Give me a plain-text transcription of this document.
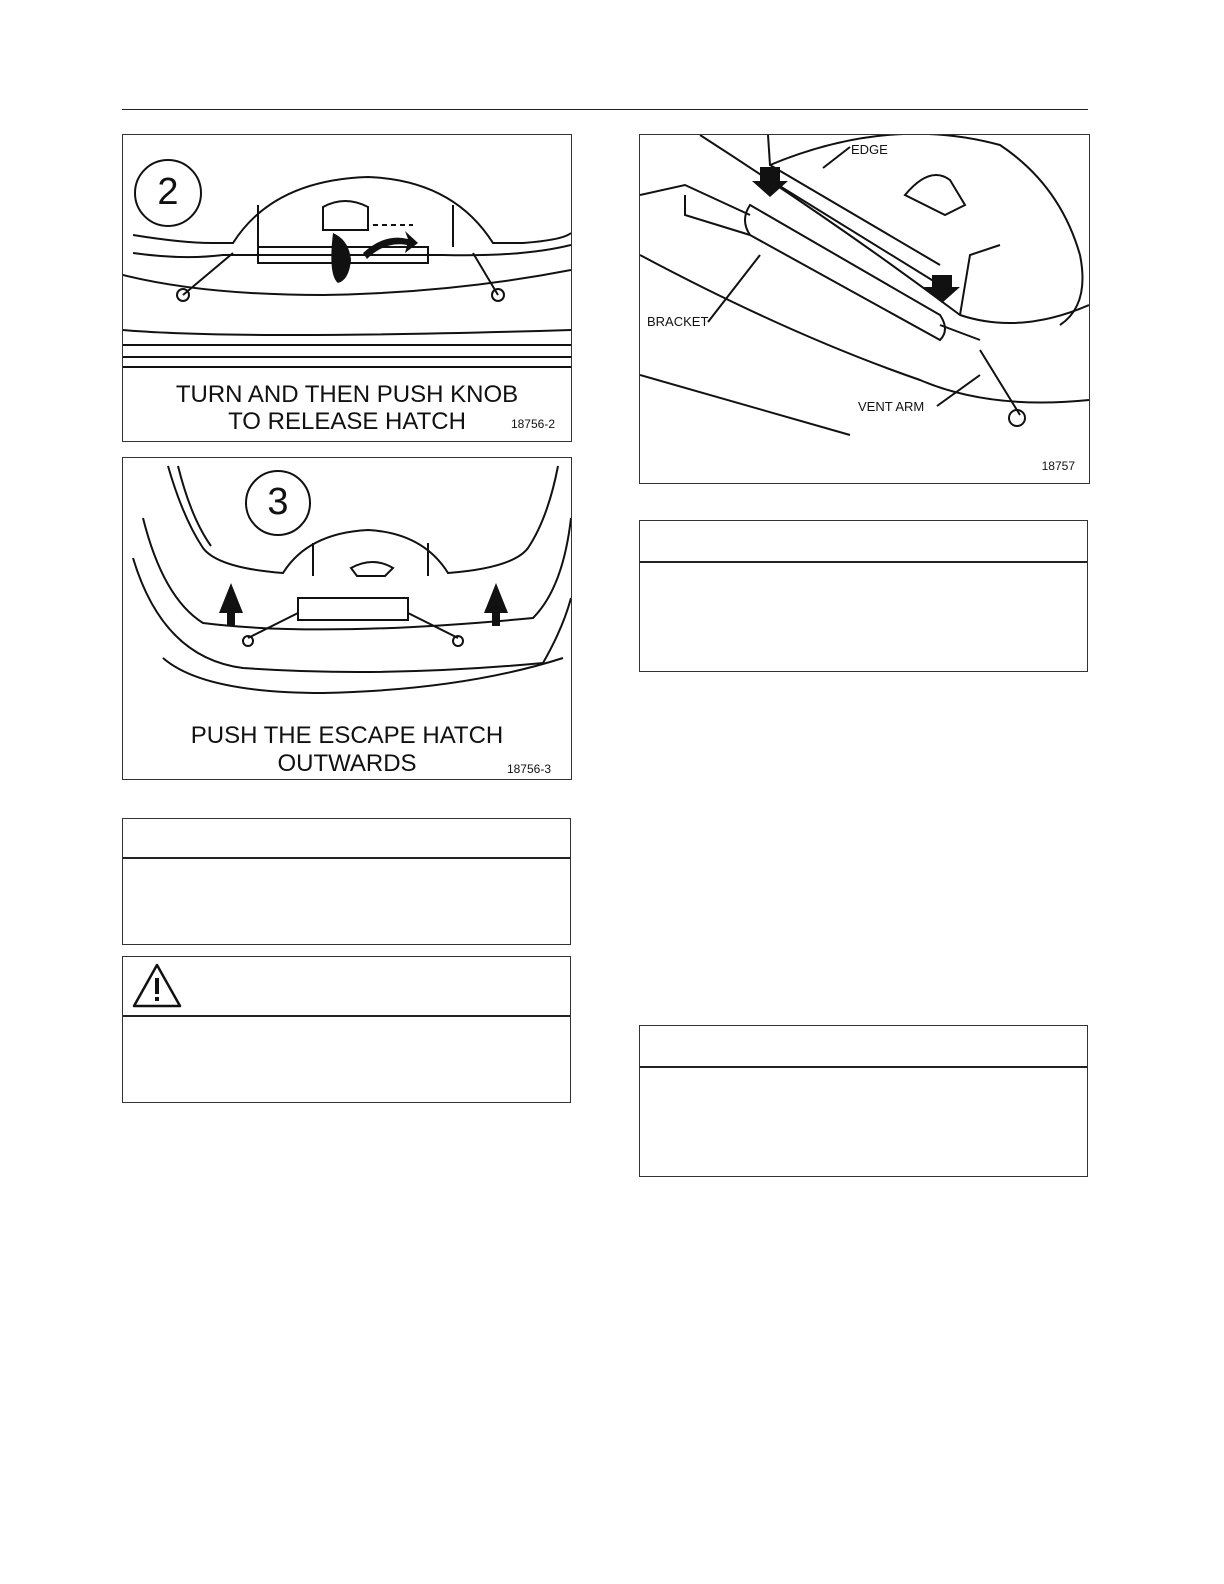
2
TURN AND THEN PUSH KNOB
TO RELEASE HATCH	18756-2
3
PUSH THE ESCAPE HATCH
OUTWARDS	18756-3
EDGE
BRACKET
VENT ARM
18757
